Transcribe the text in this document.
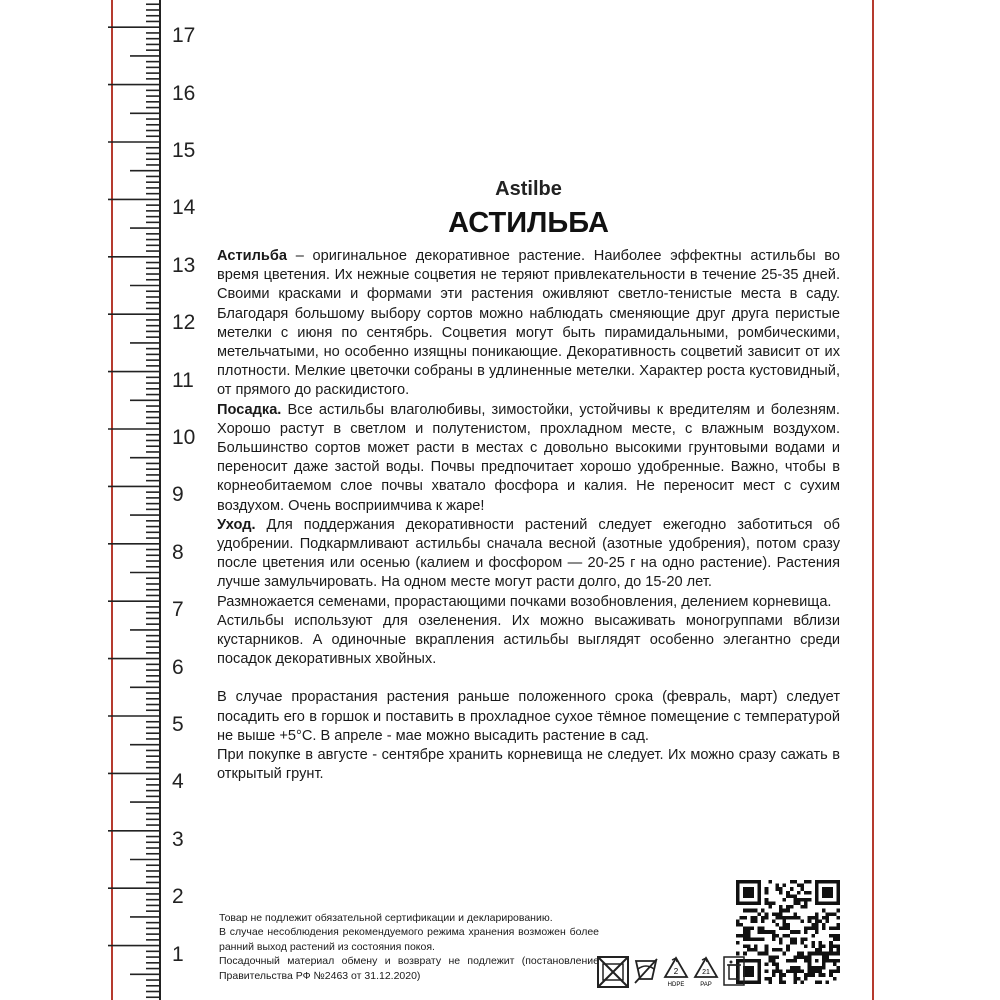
17
16
15
14
13
12
11
10
9
8
7
6
5
4
3
2
1
Astilbe
АСТИЛЬБА

Астильба – оригинальное декоративное растение. Наиболее эффектны астильбы во время цветения. Их нежные соцветия не теряют привлекательности в течение 25-35 дней. Своими красками и формами эти растения оживляют светло-тенистые места в саду. Благодаря большому выбору сортов можно наблюдать сменяющие друг друга перистые метелки с июня по сентябрь. Соцветия могут быть пирамидальными, ромбическими, метельчатыми, но особенно изящны поникающие. Декоративность соцветий зависит от их плотности. Мелкие цветочки собраны в удлиненные метелки. Характер роста кустовидный, от прямого до раскидистого.

Посадка. Все астильбы влаголюбивы, зимостойки, устойчивы к вредителям и болезням. Хорошо растут в светлом и полутенистом, прохладном месте, с влажным воздухом. Большинство сортов может расти в местах с довольно высокими грунтовыми водами и переносит даже застой воды. Почвы предпочитает хорошо удобренные. Важно, чтобы в корнеобитаемом слое почвы хватало фосфора и калия. Не переносит мест с сухим воздухом. Очень восприимчива к жаре!

Уход. Для поддержания декоративности растений следует ежегодно заботиться об удобрении. Подкармливают астильбы сначала весной (азотные удобрения), потом сразу после цветения или осенью (калием и фосфором — 20-25 г на одно растение). Растения лучше замульчировать. На одном месте могут расти долго, до 15-20 лет.

Размножается семенами, прорастающими почками возобновления, делением корневища.

Астильбы используют для озеленения. Их можно высаживать моногруппами вблизи кустарников. А одиночные вкрапления астильбы выглядят особенно элегантно среди посадок декоративных хвойных.

В случае прорастания растения раньше положенного срока (февраль, март) следует посадить его в горшок и поставить в прохладное сухое тёмное помещение с температурой не выше +5°С. В апреле - мае можно высадить растение в сад.

При покупке в августе - сентябре хранить корневища не следует. Их можно сразу сажать в открытый грунт.

Товар не подлежит обязательной сертификации и декларированию.

В случае несоблюдения рекомендуемого режима хранения возможен более ранний выход растений из состояния покоя.

Посадочный материал обмену и возврату не подлежит (постановление Правительства РФ №2463 от 31.12.2020)	2
HDPE
21
PAP
